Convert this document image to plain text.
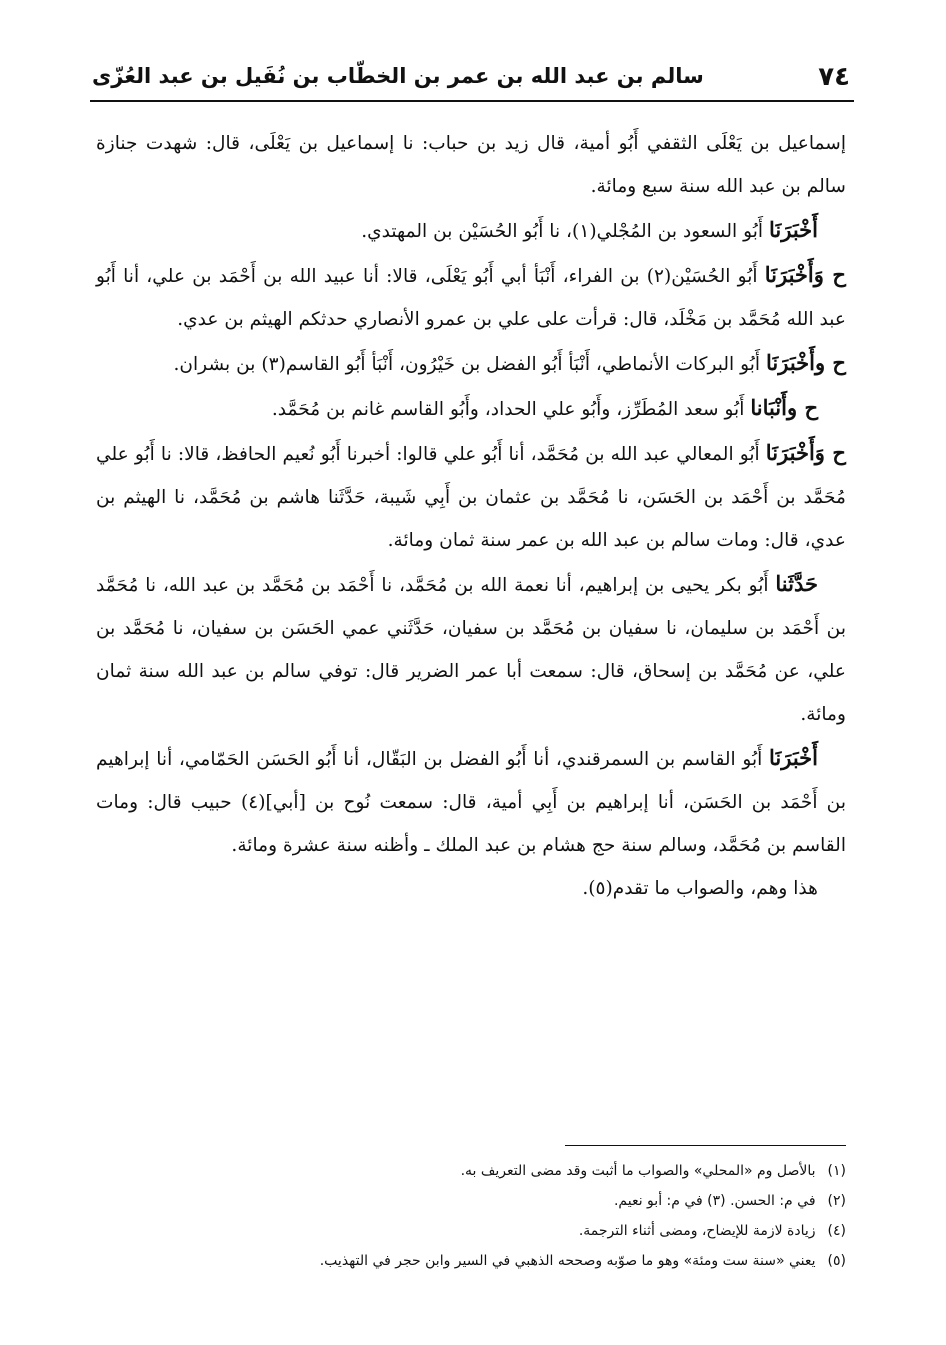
٧٤
سالم بن عبد الله بن عمر بن الخطّاب بن نُفَيل بن عبد العُزّى

إسماعيل بن يَعْلَى الثقفي أَبُو أمية، قال زيد بن حباب: نا إسماعيل بن يَعْلَى، قال: شهدت جنازة سالم بن عبد الله سنة سبع ومائة.

أَخْبَرَنَا أَبُو السعود بن المُجْلي(١)، نا أَبُو الحُسَيْن بن المهتدي.

ح وَأَخْبَرَنَا أَبُو الحُسَيْن(٢) بن الفراء، أَنْبَأ أبي أَبُو يَعْلَى، قالا: أنا عبيد الله بن أَحْمَد بن علي، أنا أَبُو عبد الله مُحَمَّد بن مَخْلَد، قال: قرأت على علي بن عمرو الأنصاري حدثكم الهيثم بن عدي.

ح وأَخْبَرَنَا أَبُو البركات الأنماطي، أَنْبَأ أَبُو الفضل بن خَيْرُون، أَنْبَأ أَبُو القاسم(٣) بن بشران.

ح وأَنْبَانا أَبُو سعد المُطَرِّز، وأَبُو علي الحداد، وأَبُو القاسم غانم بن مُحَمَّد.

ح وَأَخْبَرَنَا أَبُو المعالي عبد الله بن مُحَمَّد، أنا أَبُو علي قالوا: أخبرنا أَبُو نُعيم الحافظ، قالا: نا أَبُو علي مُحَمَّد بن أَحْمَد بن الحَسَن، نا مُحَمَّد بن عثمان بن أَبِي شَيبة، حَدَّثَنا هاشم بن مُحَمَّد، نا الهيثم بن عدي، قال: ومات سالم بن عبد الله بن عمر سنة ثمان ومائة.

حَدَّثَنا أَبُو بكر يحيى بن إبراهيم، أنا نعمة الله بن مُحَمَّد، نا أَحْمَد بن مُحَمَّد بن عبد الله، نا مُحَمَّد بن أَحْمَد بن سليمان، نا سفيان بن مُحَمَّد بن سفيان، حَدَّثَني عمي الحَسَن بن سفيان، نا مُحَمَّد بن علي، عن مُحَمَّد بن إسحاق، قال: سمعت أبا عمر الضرير قال: توفي سالم بن عبد الله سنة ثمان ومائة.

أَخْبَرَنَا أَبُو القاسم بن السمرقندي، أنا أَبُو الفضل بن البَقّال، أنا أَبُو الحَسَن الحَمّامي، أنا إبراهيم بن أَحْمَد بن الحَسَن، أنا إبراهيم بن أَبِي أمية، قال: سمعت نُوح بن [أبي](٤) حبيب قال: ومات القاسم بن مُحَمَّد، وسالم سنة حج هشام بن عبد الملك ـ وأظنه سنة عشرة ومائة.

هذا وهم، والصواب ما تقدم(٥).

(١)بالأصل وم «المحلي» والصواب ما أثبت وقد مضى التعريف به.

(٢)في م: الحسن. (٣) في م: أبو نعيم.

(٤)زيادة لازمة للإيضاح، ومضى أثناء الترجمة.

(٥)يعني «سنة ست ومئة» وهو ما صوّبه وصححه الذهبي في السير وابن حجر في التهذيب.
